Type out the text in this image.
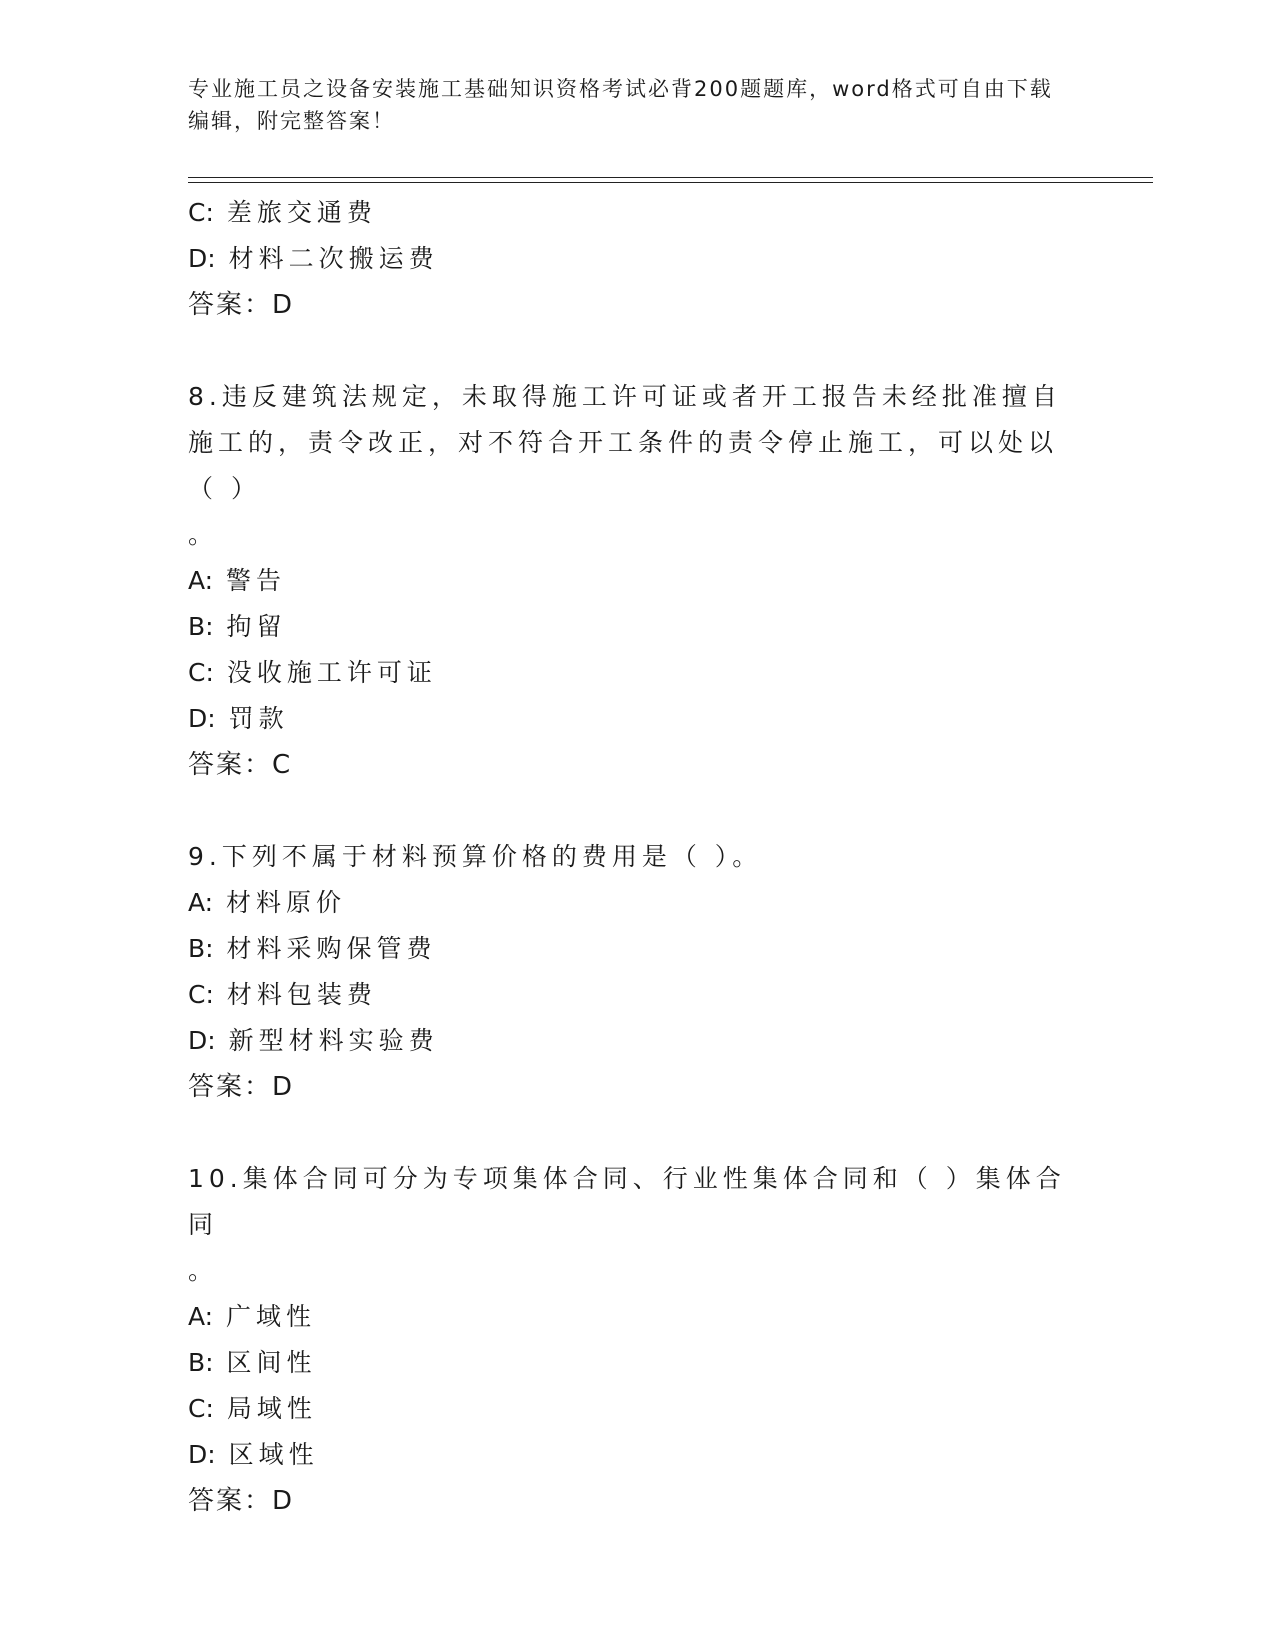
专业施工员之设备安装施工基础知识资格考试必背200题题库，word格式可自由下载编辑，附完整答案！
C: 差旅交通费
D: 材料二次搬运费
答案：D
8.违反建筑法规定，未取得施工许可证或者开工报告未经批准擅自施工的，责令改正，对不符合开工条件的责令停止施工，可以处以（ ）
。
A: 警告
B: 拘留
C: 没收施工许可证
D: 罚款
答案：C
9.下列不属于材料预算价格的费用是（ ）。
A: 材料原价
B: 材料采购保管费
C: 材料包装费
D: 新型材料实验费
答案：D
10.集体合同可分为专项集体合同、行业性集体合同和（ ）集体合同
。
A: 广域性
B: 区间性
C: 局域性
D: 区域性
答案：D
